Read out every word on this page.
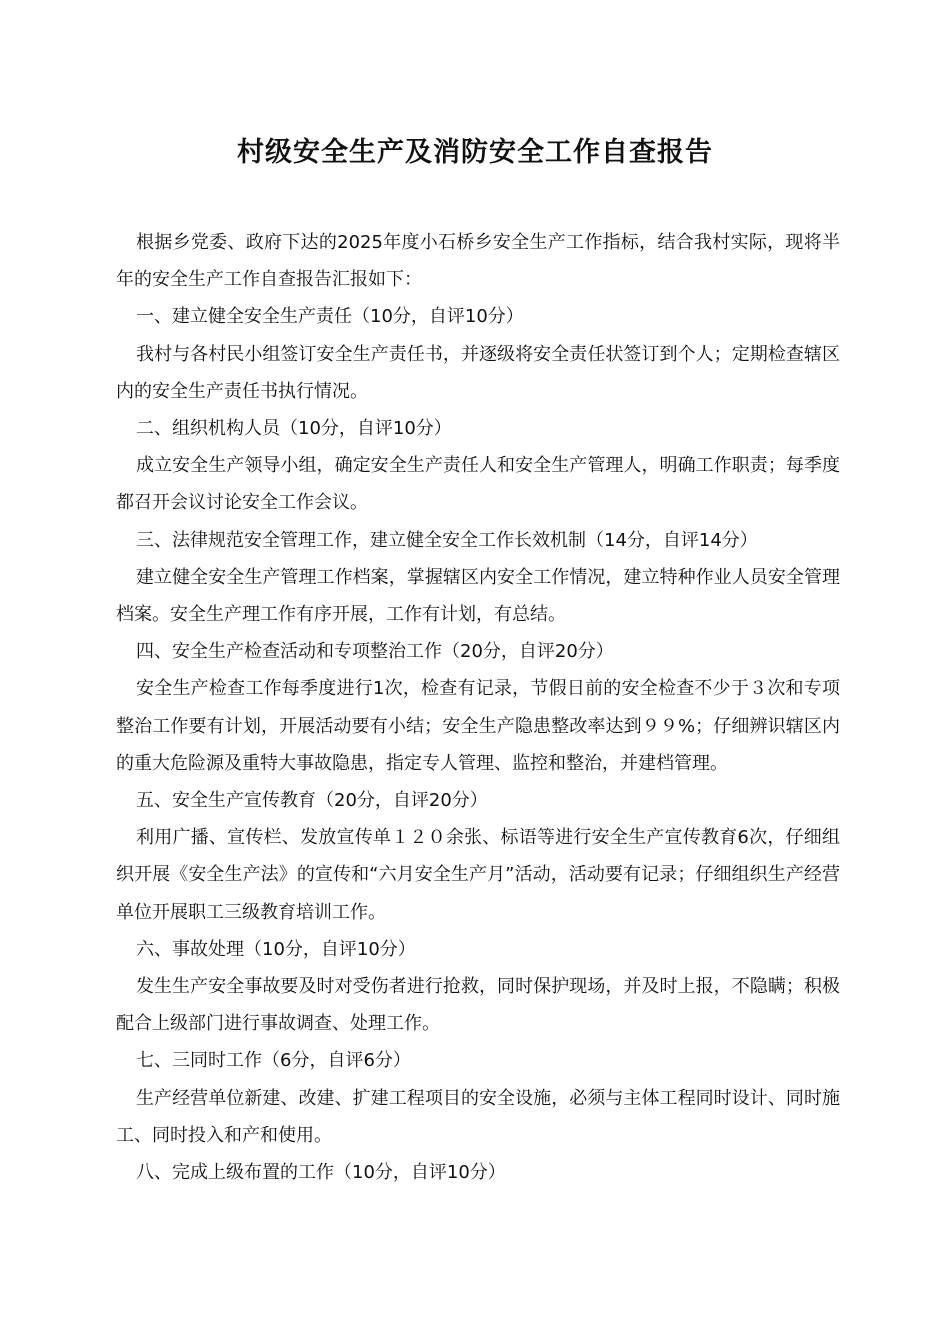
村级安全生产及消防安全工作自查报告

根据乡党委、政府下达的2025年度小石桥乡安全生产工作指标，结合我村实际，现将半年的安全生产工作自查报告汇报如下：

一、建立健全安全生产责任（10分，自评10分）

我村与各村民小组签订安全生产责任书，并逐级将安全责任状签订到个人；定期检查辖区内的安全生产责任书执行情况。

二、组织机构人员（10分，自评10分）

成立安全生产领导小组，确定安全生产责任人和安全生产管理人，明确工作职责；每季度都召开会议讨论安全工作会议。

三、法律规范安全管理工作，建立健全安全工作长效机制（14分，自评14分）

建立健全安全生产管理工作档案，掌握辖区内安全工作情况，建立特种作业人员安全管理档案。安全生产理工作有序开展，工作有计划，有总结。

四、安全生产检查活动和专项整治工作（20分，自评20分）

安全生产检查工作每季度进行1次，检查有记录，节假日前的安全检查不少于３次和专项整治工作要有计划，开展活动要有小结；安全生产隐患整改率达到９９%；仔细辨识辖区内的重大危险源及重特大事故隐患，指定专人管理、监控和整治，并建档管理。

五、安全生产宣传教育（20分，自评20分）

利用广播、宣传栏、发放宣传单１２０余张、标语等进行安全生产宣传教育6次，仔细组织开展《安全生产法》的宣传和“六月安全生产月”活动，活动要有记录；仔细组织生产经营单位开展职工三级教育培训工作。

六、事故处理（10分，自评10分）

发生生产安全事故要及时对受伤者进行抢救，同时保护现场，并及时上报，不隐瞒；积极配合上级部门进行事故调查、处理工作。

七、三同时工作（6分，自评6分）

生产经营单位新建、改建、扩建工程项目的安全设施，必须与主体工程同时设计、同时施工、同时投入和产和使用。

八、完成上级布置的工作（10分，自评10分）
